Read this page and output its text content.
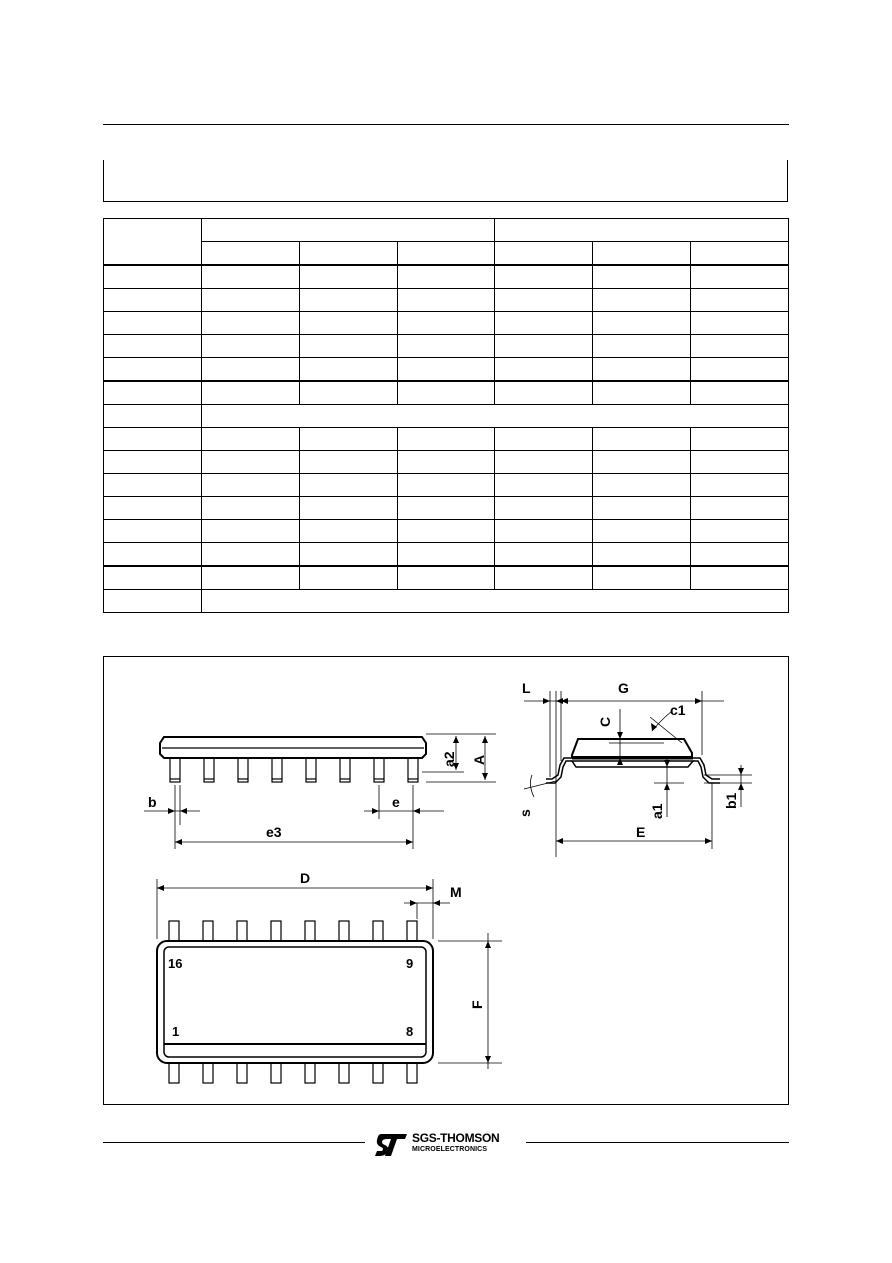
b	e
e3
a2 A
L	G
C
c1
s	a1
b1
E
D
M
F
16	9
1	8
SGS-THOMSON
MICROELECTRONICS
